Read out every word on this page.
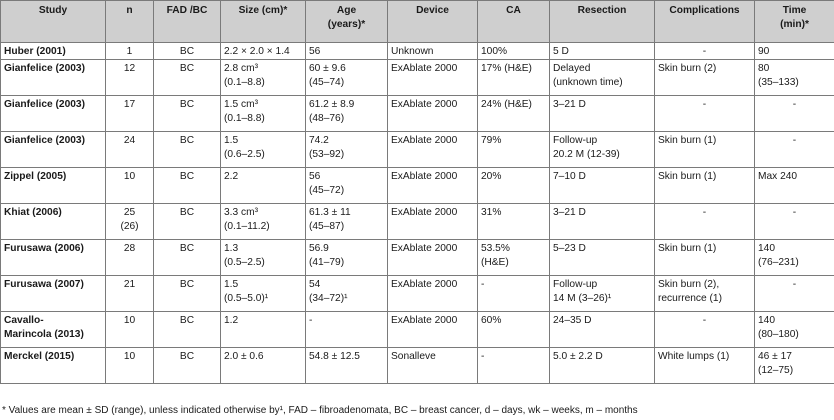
Study	n	FAD /BC	Size (cm)*	Age
(years)*	Device	CA	Resection	Complications	Time
(min)*

Huber (2001)	1	BC	2.2 × 2.0 × 1.4	56	Unknown	100%	5 D	-	90

Gianfelice (2003)	12	BC	2.8 cm³
(0.1–8.8)	60 ± 9.6
(45–74)	ExAblate 2000	17% (H&E)	Delayed
(unknown time)	Skin burn (2)	80
(35–133)

Gianfelice (2003)	17	BC	1.5 cm³
(0.1–8.8)	61.2 ± 8.9
(48–76)	ExAblate 2000	24% (H&E)	3–21 D	-	-

Gianfelice (2003)	24	BC	1.5
(0.6–2.5)	74.2
(53–92)	ExAblate 2000	79%	Follow-up
20.2 M (12-39)	Skin burn (1)	-

Zippel (2005)	10	BC	2.2	56
(45–72)	ExAblate 2000	20%	7–10 D	Skin burn (1)	Max 240

Khiat (2006)	25
(26)	BC	3.3 cm³
(0.1–11.2)	61.3 ± 11
(45–87)	ExAblate 2000	31%	3–21 D	-	-

Furusawa (2006)	28	BC	1.3
(0.5–2.5)	56.9
(41–79)	ExAblate 2000	53.5%
(H&E)	5–23 D	Skin burn (1)	140
(76–231)

Furusawa (2007)	21	BC	1.5
(0.5–5.0)¹	54
(34–72)¹	ExAblate 2000	-	Follow-up
14 M (3–26)¹	Skin burn (2),
recurrence (1)	-

Cavallo-
Marincola (2013)	10	BC	1.2	-	ExAblate 2000	60%	24–35 D	-	140
(80–180)

Merckel (2015)	10	BC	2.0 ± 0.6	54.8 ± 12.5	Sonalleve	-	5.0 ± 2.2 D	White lumps (1)	46 ± 17
(12–75)
* Values are mean ± SD (range), unless indicated otherwise by¹, FAD – fibroadenomata, BC – breast cancer, d – days, wk – weeks, m – months
